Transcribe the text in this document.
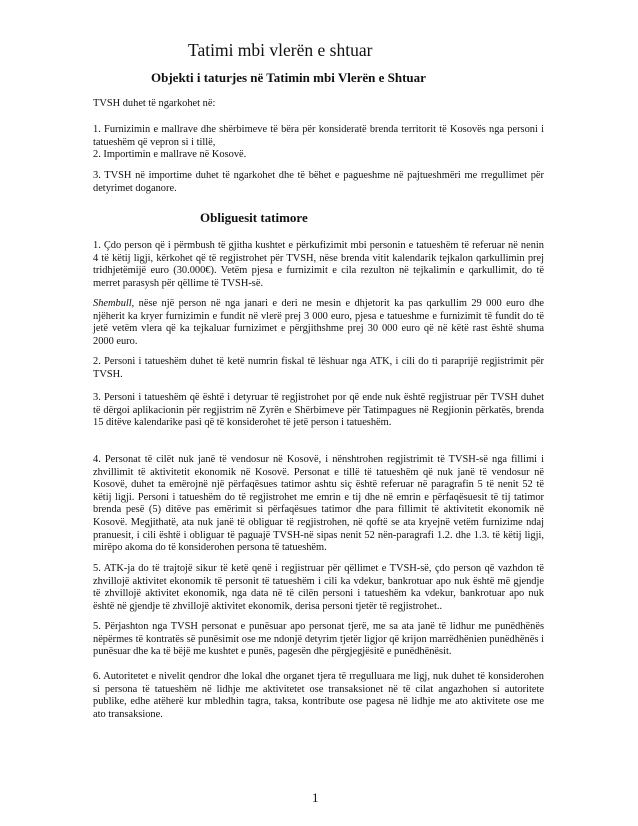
Tatimi mbi vlerën e shtuar
Objekti i taturjes në Tatimin mbi Vlerën e Shtuar

TVSH duhet të ngarkohet në:

1. Furnizimin e mallrave dhe shërbimeve të bëra për konsideratë brenda territorit të Kosovës nga personi i
tatueshëm që vepron si i tillë,
2. Importimin e mallrave në Kosovë.

3. TVSH në importime duhet të ngarkohet dhe të bëhet e pagueshme në pajtueshmëri me rregullimet për
detyrimet doganore.

Obliguesit tatimore

1. Çdo person që i përmbush të gjitha kushtet e përkufizimit mbi personin e tatueshëm të referuar në nenin
4 të këtij ligji, kërkohet që të regjistrohet për TVSH, nëse brenda vitit kalendarik tejkalon qarkullimin prej
tridhjetëmijë euro (30.000€). Vetëm pjesa e furnizimit e cila rezulton në tejkalimin e qarkullimit, do të
merret parasysh për qëllime të TVSH-së.

Shembull, nëse një person në nga janari e deri ne mesin e dhjetorit ka pas qarkullim 29 000 euro dhe
njëherit ka kryer furnizimin e fundit në vlerë prej 3 000 euro, pjesa e tatueshme e furnizimit të fundit do të
jetë vetëm vlera që ka tejkaluar furnizimet e përgjithshme prej 30 000 euro që në këtë rast është shuma
2000 euro.

2. Personi i tatueshëm duhet të ketë numrin fiskal të lëshuar nga ATK, i cili do ti paraprijë regjistrimit për
TVSH.

3. Personi i tatueshëm që është i detyruar të regjistrohet por që ende nuk është regjistruar për TVSH duhet
të dërgoi aplikacionin për regjistrim në Zyrën e Shërbimeve për Tatimpagues në Regjionin përkatës, brenda
15 ditëve kalendarike pasi që të konsiderohet të jetë person i tatueshëm.

4. Personat të cilët nuk janë të vendosur në Kosovë, i nënshtrohen regjistrimit të TVSH-së nga fillimi i
zhvillimit të aktivitetit ekonomik në Kosovë. Personat e tillë të tatueshëm që nuk janë të vendosur në
Kosovë, duhet ta emërojnë një përfaqësues tatimor ashtu siç është referuar në paragrafin 5 të nenit 52 të
këtij ligji. Personi i tatueshëm do të regjistrohet me emrin e tij dhe në emrin e përfaqësuesit të tij tatimor
brenda pesë (5) ditëve pas emërimit si përfaqësues tatimor dhe para fillimit të aktivitetit ekonomik në
Kosovë. Megjithatë, ata nuk janë të obliguar të regjistrohen, në qoftë se ata kryejnë vetëm furnizime ndaj
pranuesit, i cili është i obliguar të paguajë TVSH-në sipas nenit 52 nën-paragrafi 1.2. dhe 1.3. të këtij ligji,
mirëpo akoma do të konsiderohen persona të tatueshëm.

5. ATK-ja do të trajtojë sikur të ketë qenë i regjistruar për qëllimet e TVSH-së, çdo person që vazhdon të
zhvillojë aktivitet ekonomik të personit të tatueshëm i cili ka vdekur, bankrotuar apo nuk është më gjendje
të zhvillojë aktivitet ekonomik, nga data në të cilën personi i tatueshëm ka vdekur, bankrotuar apo nuk
është në gjendje të zhvillojë aktivitet ekonomik, derisa personi tjetër të regjistrohet..

5. Përjashton nga TVSH personat e punësuar apo personat tjerë, me sa ata janë të lidhur me punëdhënës
nëpërmes të kontratës së punësimit ose me ndonjë detyrim tjetër ligjor që krijon marrëdhënien punëdhënës i
punësuar dhe ka të bëjë me kushtet e punës, pagesën dhe përgjegjësitë e punëdhënësit.

6. Autoritetet e nivelit qendror dhe lokal dhe organet tjera të rregulluara me ligj, nuk duhet të konsiderohen
si persona të tatueshëm në lidhje me aktivitetet ose transaksionet në të cilat angazhohen si autoritete
publike, edhe atëherë kur mbledhin tagra, taksa, kontribute ose pagesa në lidhje me ato aktivitete ose me
ato transaksione.

1
